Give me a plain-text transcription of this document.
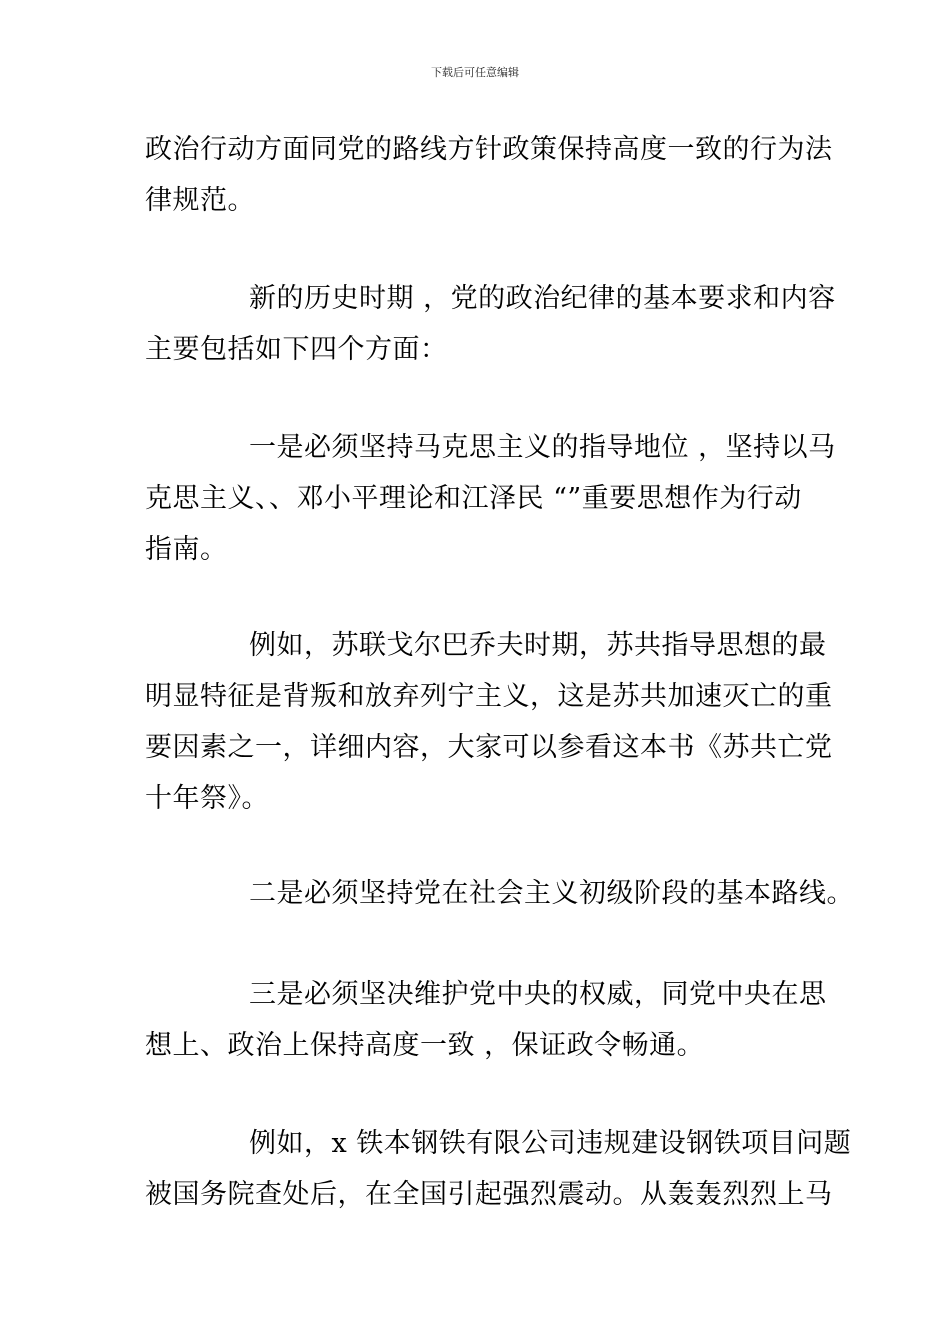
下载后可任意编辑
政治行动方面同党的路线方针政策保持高度一致的行为法
律规范。
新的历史时期 ，党的政治纪律的基本要求和内容
主要包括如下四个方面：
一是必须坚持马克思主义的指导地位 ，坚持以马
克思主义、、邓小平理论和江泽民 “”重要思想作为行动
指南。
例如，苏联戈尔巴乔夫时期，苏共指导思想的最
明显特征是背叛和放弃列宁主义，这是苏共加速灭亡的重
要因素之一，详细内容，大家可以参看这本书《苏共亡党
十年祭》。
二是必须坚持党在社会主义初级阶段的基本路线。
三是必须坚决维护党中央的权威，同党中央在思
想上、政治上保持高度一致 ，保证政令畅通。
例如，x 铁本钢铁有限公司违规建设钢铁项目问题
被国务院查处后，在全国引起强烈震动。从轰轰烈烈上马
